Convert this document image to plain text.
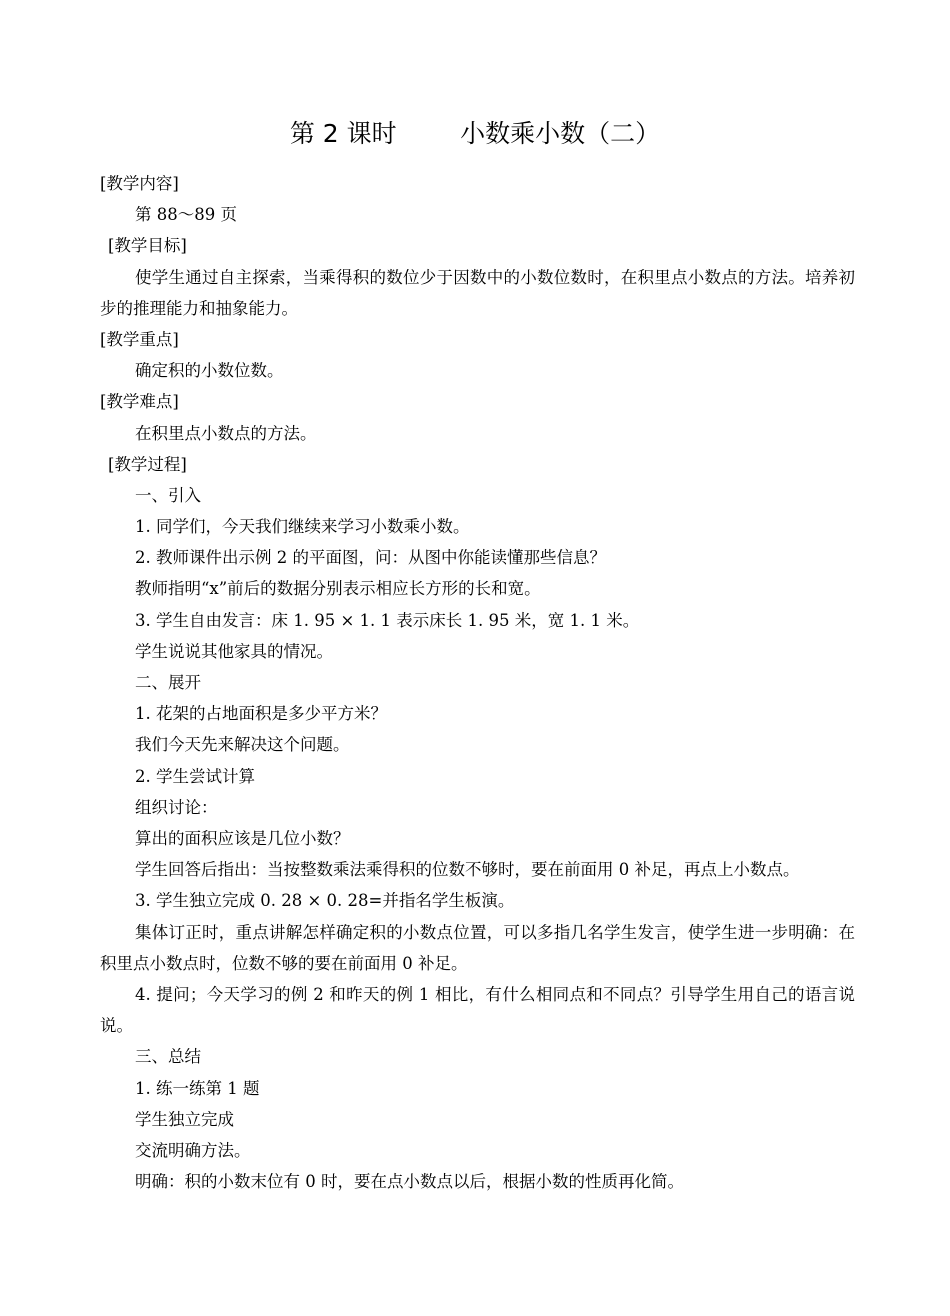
第 2 课时        小数乘小数（二）
[教学内容]
第 88～89 页
[教学目标]
使学生通过自主探索，当乘得积的数位少于因数中的小数位数时，在积里点小数点的方法。培养初步的推理能力和抽象能力。
[教学重点]
确定积的小数位数。
[教学难点]
在积里点小数点的方法。
[教学过程]
一、引入
1. 同学们，今天我们继续来学习小数乘小数。
2. 教师课件出示例 2 的平面图，问：从图中你能读懂那些信息？
教师指明“x”前后的数据分别表示相应长方形的长和宽。
3. 学生自由发言：床 1. 95 × 1. 1 表示床长 1. 95 米，宽 1. 1 米。
学生说说其他家具的情况。
二、展开
1. 花架的占地面积是多少平方米？
我们今天先来解决这个问题。
2. 学生尝试计算
组织讨论：
算出的面积应该是几位小数？
学生回答后指出：当按整数乘法乘得积的位数不够时，要在前面用 0 补足，再点上小数点。
3. 学生独立完成 0. 28 × 0. 28=并指名学生板演。
集体订正时，重点讲解怎样确定积的小数点位置，可以多指几名学生发言，使学生进一步明确：在积里点小数点时，位数不够的要在前面用 0 补足。
4. 提问；今天学习的例 2 和昨天的例 1 相比，有什么相同点和不同点？引导学生用自己的语言说说。
三、总结
1. 练一练第 1 题
学生独立完成
交流明确方法。
明确：积的小数末位有 0 时，要在点小数点以后，根据小数的性质再化简。
